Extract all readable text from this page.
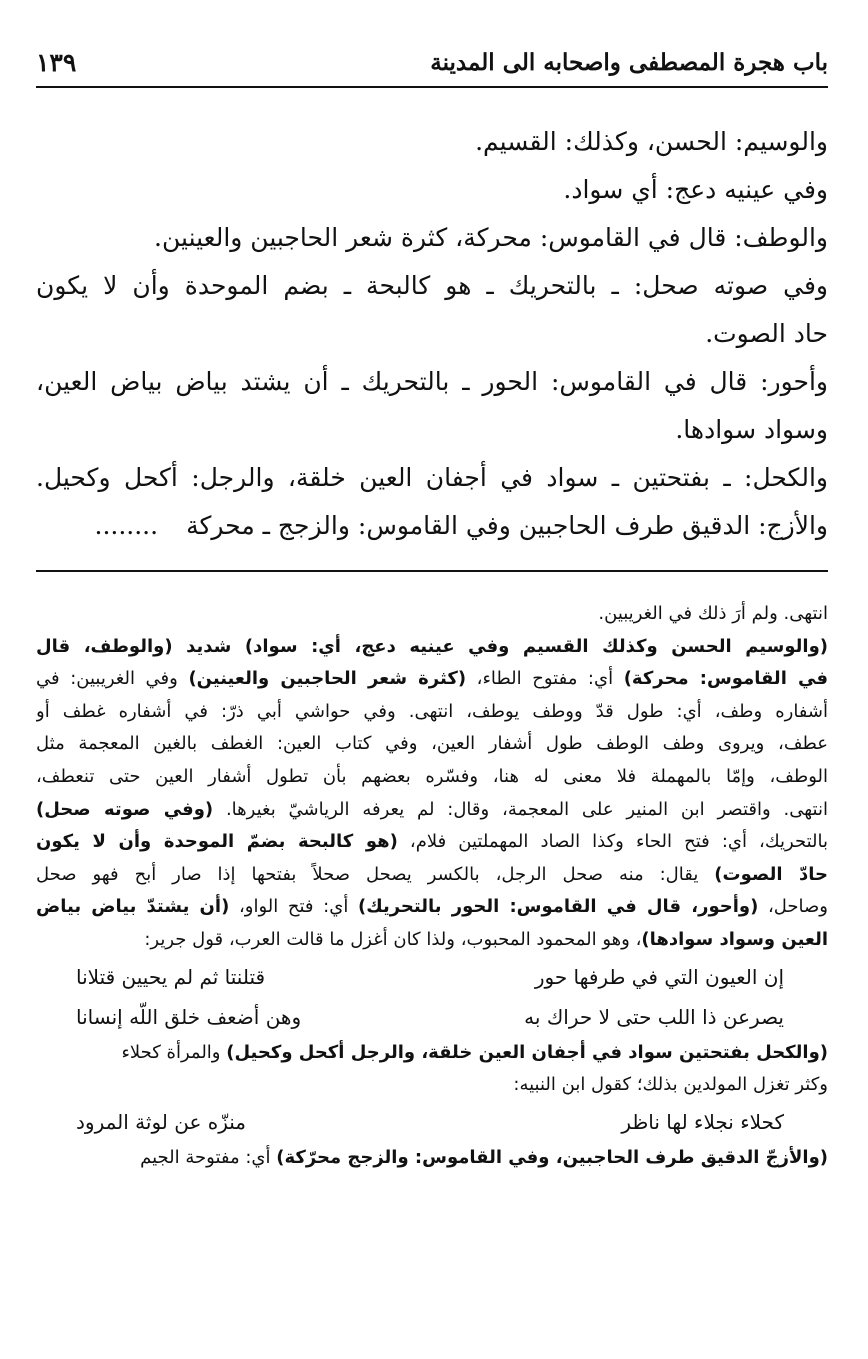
١٣٩	باب هجرة المصطفى واصحابه الى المدينة
والوسيم: الحسن، وكذلك: القسيم.
وفي عينيه دعج: أي سواد.
والوطف: قال في القاموس: محركة، كثرة شعر الحاجبين والعينين.
وفي صوته صحل: ـ بالتحريك ـ هو كالبحة ـ بضم الموحدة وأن لا يكون
حاد الصوت.
وأحور: قال في القاموس: الحور ـ بالتحريك ـ أن يشتد بياض بياض العين،
وسواد سوادها.
والكحل: ـ بفتحتين ـ سواد في أجفان العين خلقة، والرجل: أكحل وكحيل.
والأزج: الدقيق طرف الحاجبين وفي القاموس: والزجج ـ محركة........
انتهى. ولم أرَ ذلك في الغريبين.
(والوسيم الحسن وكذلك القسيم وفي عينيه دعج، أي: سواد) شديد (والوطف، قال
في القاموس: محركة) أي: مفتوح الطاء، (كثرة شعر الحاجبين والعينين) وفي الغريبين: في
أشفاره وطف، أي: طول قدّ ووطف يوطف، انتهى. وفي حواشي أبي ذرّ: في أشفاره غطف أو
عطف، ويروى وطف الوطف طول أشفار العين، وفي كتاب العين: الغطف بالغين المعجمة مثل
الوطف، وإمّا بالمهملة فلا معنى له هنا، وفسّره بعضهم بأن تطول أشفار العين حتى تنعطف،
انتهى. واقتصر ابن المنير على المعجمة، وقال: لم يعرفه الرياشيّ بغيرها. (وفي صوته صحل)
بالتحريك، أي: فتح الحاء وكذا الصاد المهملتين فلام، (هو كالبحة بضمّ الموحدة وأن لا يكون
حادّ الصوت) يقال: منه صحل الرجل، بالكسر يصحل صحلاً بفتحها إذا صار أبح فهو صحل
وصاحل، (وأحور، قال في القاموس: الحور بالتحريك) أي: فتح الواو، (أن يشتدّ بياض بياض
العين وسواد سوادها)، وهو المحمود المحبوب، ولذا كان أغزل ما قالت العرب، قول جرير:
إن العيون التي في طرفها حور
قتلنتا ثم لم يحيين قتلانا
يصرعن ذا اللب حتى لا حراك به
وهن أضعف خلق اللّه إنسانا
(والكحل بفتحتين سواد في أجفان العين خلقة، والرجل أكحل وكحيل) والمرأة كحلاء
وكثر تغزل المولدين بذلك؛ كقول ابن النبيه:
كحلاء نجلاء لها ناظر
منزّه عن لوثة المرود
(والأزجّ الدقيق طرف الحاجبين، وفي القاموس: والزجج محرّكة) أي: مفتوحة الجيم
